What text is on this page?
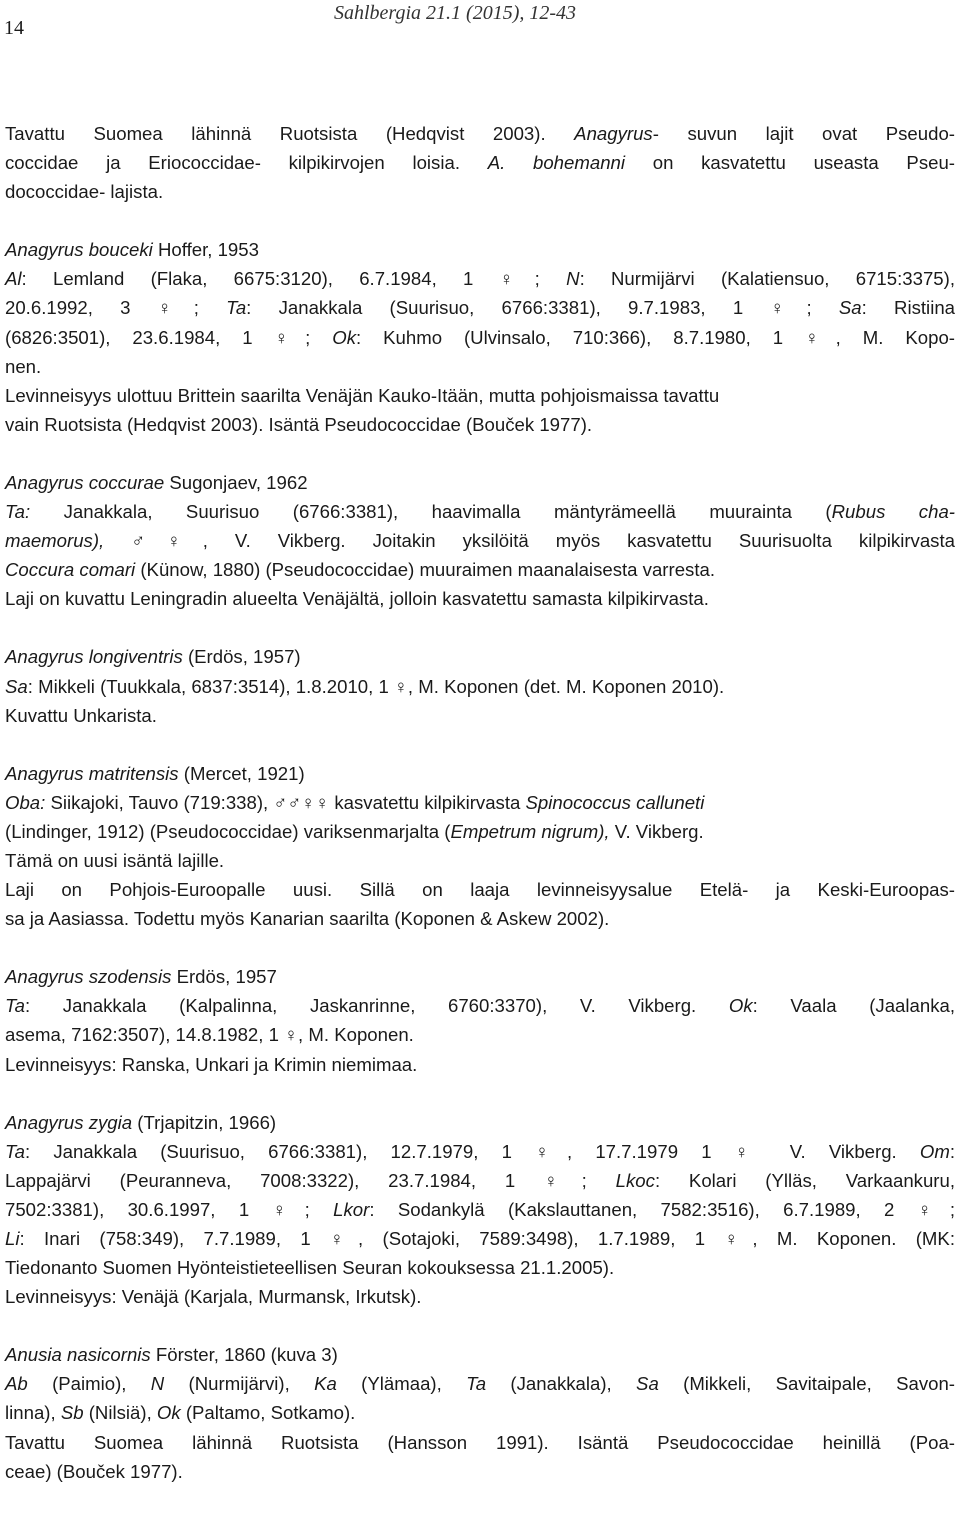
14
Sahlbergia 21.1 (2015), 12-43
Tavattu Suomea lähinnä Ruotsista (Hedqvist 2003). Anagyrus- suvun lajit ovat Pseudo-
coccidae ja Eriococcidae- kilpikirvojen loisia. A. bohemanni on kasvatettu useasta Pseu-
dococcidae- lajista.
Anagyrus bouceki Hoffer, 1953
Al: Lemland (Flaka, 6675:3120), 6.7.1984, 1 ♀; N: Nurmijärvi (Kalatiensuo, 6715:3375),
20.6.1992, 3 ♀; Ta: Janakkala (Suurisuo, 6766:3381), 9.7.1983, 1 ♀; Sa: Ristiina
(6826:3501), 23.6.1984, 1 ♀; Ok: Kuhmo (Ulvinsalo, 710:366), 8.7.1980, 1 ♀, M. Kopo-
nen.
Levinneisyys ulottuu Brittein saarilta Venäjän Kauko-Itään, mutta pohjoismaissa tavattu
vain Ruotsista (Hedqvist 2003). Isäntä Pseudococcidae (Bouček 1977).
Anagyrus coccurae Sugonjaev, 1962
Ta: Janakkala, Suurisuo (6766:3381), haavimalla mäntyrämeellä muurainta (Rubus cha-
maemorus), ♂♀, V. Vikberg. Joitakin yksilöitä myös kasvatettu Suurisuolta kilpikirvasta
Coccura comari (Künow, 1880) (Pseudococcidae) muuraimen maanalaisesta varresta.
Laji on kuvattu Leningradin alueelta Venäjältä, jolloin kasvatettu samasta kilpikirvasta.
Anagyrus longiventris (Erdös, 1957)
Sa: Mikkeli (Tuukkala, 6837:3514), 1.8.2010, 1 ♀, M. Koponen (det. M. Koponen 2010).
Kuvattu Unkarista.
Anagyrus matritensis (Mercet, 1921)
Oba: Siikajoki, Tauvo (719:338), ♂♂♀♀ kasvatettu kilpikirvasta Spinococcus calluneti
(Lindinger, 1912) (Pseudococcidae) variksenmarjalta (Empetrum nigrum), V. Vikberg.
Tämä on uusi isäntä lajille.
Laji on Pohjois-Euroopalle uusi. Sillä on laaja levinneisyysalue Etelä- ja Keski-Euroopas-
sa ja Aasiassa. Todettu myös Kanarian saarilta (Koponen & Askew 2002).
Anagyrus szodensis Erdös, 1957
Ta: Janakkala (Kalpalinna, Jaskanrinne, 6760:3370), V. Vikberg. Ok: Vaala (Jaalanka,
asema, 7162:3507), 14.8.1982, 1 ♀, M. Koponen.
Levinneisyys: Ranska, Unkari ja Krimin niemimaa.
Anagyrus zygia (Trjapitzin, 1966)
Ta: Janakkala (Suurisuo, 6766:3381), 12.7.1979, 1 ♀, 17.7.1979 1 ♀ V. Vikberg. Om:
Lappajärvi (Peuranneva, 7008:3322), 23.7.1984, 1 ♀; Lkoc: Kolari (Ylläs, Varkaankuru,
7502:3381), 30.6.1997, 1 ♀; Lkor: Sodankylä (Kakslauttanen, 7582:3516), 6.7.1989, 2 ♀;
Li: Inari (758:349), 7.7.1989, 1 ♀, (Sotajoki, 7589:3498), 1.7.1989, 1 ♀, M. Koponen. (MK:
Tiedonanto Suomen Hyönteistieteellisen Seuran kokouksessa 21.1.2005).
Levinneisyys: Venäjä (Karjala, Murmansk, Irkutsk).
Anusia nasicornis Förster, 1860 (kuva 3)
Ab (Paimio), N (Nurmijärvi), Ka (Ylämaa), Ta (Janakkala), Sa (Mikkeli, Savitaipale, Savon-
linna), Sb (Nilsiä), Ok (Paltamo, Sotkamo).
Tavattu Suomea lähinnä Ruotsista (Hansson 1991). Isäntä Pseudococcidae heinillä (Poa-
ceae) (Bouček 1977).
